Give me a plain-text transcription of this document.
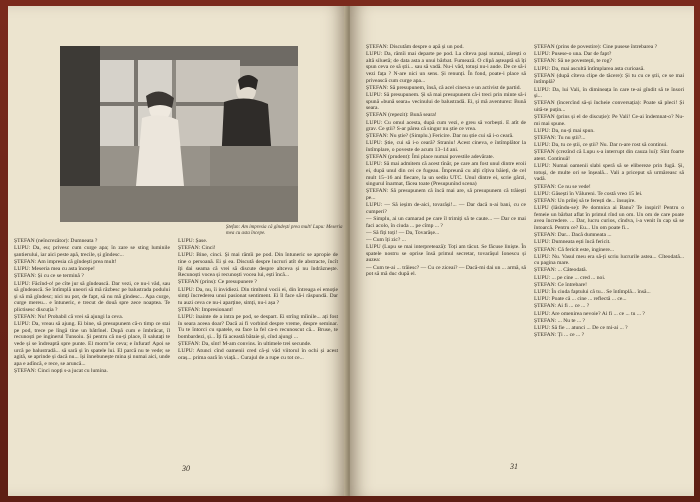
Ștefan: Am impresia că gîndești prea mult! Lupu: Meseria mea cu asta începe.

ȘTEFAN (neîncrezător): Dumneata ?

LUPU: Da, eu; privesc cum curge apa; în zare se sting luminile șantierului, iar aici peste apă, trecile, și gîndesc...

ȘTEFAN: Am impresia că gîndești prea mult!

LUPU: Meseria mea cu asta începe!

ȘTEFAN: Și cu ce se termină ?

LUPU: Făcînd-o! pe cîte jur să gîndească. Dar vezi, ce nu-i văd, sau să gîndească. Se întîmplă uneori să mă răzbesc pe balustrada podului și să mă gîndesc; nici nu pot, de fapt, să nu mă gîndesc... Apa curge, curge mereu... e întuneric, e trecut de două spre zece noaptea. Te plictisesc discuția ?

ȘTEFAN: Nu! Probabil că vrei să ajungi la ceva.

LUPU: Da, vreau să ajung. Ei bine, să presupunem că-n timp ce stai pe pod, trece pe lîngă tine un bătrînel. După cum e îmbrăcat, îl recunoști pe inginerul Tunsoiu. Și pentru că nu-ți place, îl salutați te vede și se îndreaptă spre punte. El morm’ie ceva; e înfurat! Apoi se urcă pe balustradă... să sară și în spatele lui. El parcă nu te vede; se agită, se aprinde și dacă nu... își înnebunește mina și numai aici, unde apa e adîncă, e rece, se aruncă...

ȘTEFAN: Cinci nopți s-a jucat cu lumina.

LUPU: Șase.

ȘTEFAN: Cinci!

LUPU: Bine, cinci. Și mai rămîi pe pod. Din întuneric se apropie de tine o persoană. Ei și ea. Discută despre lucruri atît de abstracte, încît îți dai seama că vrei să discute despre altceva și nu îndrăznește. Recunoști vocea și recunoști vocea lui, ești încă...

ȘTEFAN (prins): Ce presupunere ?

LUPU: Da, nu, îi invidiezi. Din timbrul vocii ei, din întreaga ei emoție simți încrederea unui pasionat sentiment. Ei îl face să-i răspundă. Dar tu auzi ceva ce nu-i aparține, simți, nu-i așa ?

ȘTEFAN: Impresionant!

LUPU: înainte de a intra pe pod, se despart. Ei strîng mîinile... ați fost în seara aceea doar? Dacă ai fi vorbind despre vreme, despre seminar. Tu te întorci cu spatele, ea face la fel ca-n recunoscut că... Bruse, te bombardezi, și... Îți fă această bătaie și, cînd ajungi ...

ȘTEFAN: Da, sînt! M-am convins. în ultimele trei secunde.

LUPU: Atunci cînd oamenii cred că-și văd viitorul în ochi și acest oraș... prima oară în viață... Curajul de a rupe cu tot ce...

30

ȘTEFAN: Discutăm despre o apă și un pod.

LUPU: Da, rămîi mai departe pe pod. La cîteva pași numai, zărești o altă siluetă; de data asta a unui bărbat. Fumează. O clipă așteaptă să îți spun ceva ce să știi... sau să vadă. Nu-i văd, totuși nu-i aude. De ce să-i vezi fața ? N-are nici un sens. Și renunți. În fond, poate-i place să privească cum curge apa...

ȘTEFAN: Să presupunem, însă, că acel cineva e un activist de partid.

LUPU: Să presupunem. Și să mai presupunem că-i treci prin minte să-i spună «bună seara» vecinului de balustradă. Ei, și mă aventurez: Bună seara.

ȘTEFAN (repezit): Bună seara!

LUPU: Cu omul acesta, după cum vezi, e greu să vorbești. E atît de grav. Ce știi? S-ar părea că singur nu știe ce vrea.

ȘTEFAN: Nu știe? (Simplu.) Fericire. Dar nu știe cui să i-o ceară.

LUPU: Știe, cui să i-o ceară? Straniu! Acest cineva, e întîmplător la întîmplare, o poveste de acum 13–14 ani.

ȘTEFAN (prudent): Îmi place numai povestile adevărate.

LUPU: Să mai admitem că acest tînăr, pe care am fost unul dintre eroii ei, după unul din cei ce fugeau. Împreună cu alți cîțiva băieți, de cel mult 15–16 ani fiecare, la un sediu UTC. Unul dintre ei, scrie gărzi, singurul înarmat, făcea toate (Presupunînd scena)

ȘTEFAN: Să presupunem că încă mai are, să presupunem că trăiești pe...

LUPU: — Să ieșim de-aici, tovarăși!... — Dar dacă n-ai bani, cu ce cumperi?

— Simplu, ai un camarad pe care îl trimiți să te caute... — Dar ce mai faci acolo, în ciuda ... pe cîmp ... ?

— Să fiți toți! — Da, Tovarășe...

— Cum îți zic? ...

LUPU (Lupu se mai interpretează): Toți am tăcut. Se făcuse liniște. În spatele nostru se oprise însă primul secretar, tovarășul Ionescu și auzea:

— Cum te-ai ... trăiesc? — Cu ce ziceai? — Dacă-mi dai un ... armă, să pot să mă duc după el.

ȘTEFAN (prins de povestire): Cine pusese întrebarea ?

LUPU: Pusese-o una. Dar de fapt?

ȘTEFAN: Să ne povestești, te rog?

LUPU: Da, mai ascultă întîmplarea asta curioasă.

ȘTEFAN (după cîteva clipe de tăcere): Și tu cu ce știi, ce se mai întîmplă?

LUPU: Da, lui Vali, în dimineața în care te-ai gîndit să te însori și...

ȘTEFAN (încercînd să-și încheie conversația): Poate să pleci! Și uită-te puțin...

ȘTEFAN (prins și el de discuție): Pe Vali! Ce-ai îndemnat-o? Nu-mi mai spune.

LUPU: Da, nu-ți mai spun.

ȘTEFAN: Tu nu știi?...

LUPU: Da, tu ce știi, ce știi? Nu. Dar n-are rost să continui.

ȘTEFAN (crezînd că Lupu s-a interrupt din cauza lui): Sînt foarte atent. Continuă!

LUPU: Numai oamenii slabi speră să se elibereze prin fugă. Și, totuși, de multe ori se înșeală... Vali a priceput să urmăreasc să vadă.

ȘTEFAN: Ce nu se vede!

LUPU: Găsești în Vălureni. Te costă vreo 15 lei.

ȘTEFAN: Un prilej să te ferești de... însușire.

LUPU (lăsîndu-se): Pe domnica ai Banu? Te inspiri! Pentru o femeie un bărbat aflat în primul rînd un om. Un om de care poate avea încredere. ... Dar, lucru curios, cîndva, i-a venit în cap să se întoarcă. Pentru ce? Eu... Un om poate fi...

ȘTEFAN: Dar... Dacă dumneata ...

LUPU: Dumneata ești încă fericit.

ȘTEFAN: Că fericit este, inginere...

LUPU: Nu. Vasul meu era să-ți scriu lucrurile astea... Cîteodată... cu pagina mare.

ȘTEFAN: ... Câteodată.

LUPU: ... pe cine ... cred ... noi.

ȘTEFAN: Ce întrebare!

LUPU: În ciuda faptului că tu... Se întîmplă... însă...

LUPU: Poate că ... cine ... reflectă ... ce...

ȘTEFAN: Ai fi ... ce ... ?

LUPU: Are omenirea nevoie? Ai fi ... ce ... tu ... ?

ȘTEFAN: ... Nu te ... ?

LUPU: Să fie ... atunci ... De ce mi-ai ... ?

ȘTEFAN: Ți ... ce ... ?

31
